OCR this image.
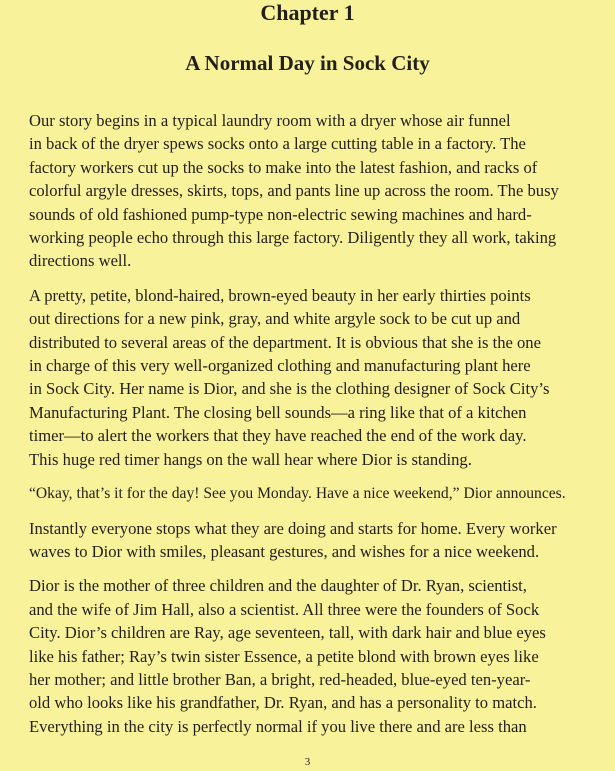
Chapter 1
A Normal Day in Sock City

Our story begins in a typical laundry room with a dryer whose air funnel
in back of the dryer spews socks onto a large cutting table in a factory. The
factory workers cut up the socks to make into the latest fashion, and racks of
colorful argyle dresses, skirts, tops, and pants line up across the room. The busy
sounds of old fashioned pump-type non-electric sewing machines and hard-
working people echo through this large factory. Diligently they all work, taking
directions well.

A pretty, petite, blond-haired, brown-eyed beauty in her early thirties points
out directions for a new pink, gray, and white argyle sock to be cut up and
distributed to several areas of the department. It is obvious that she is the one
in charge of this very well-organized clothing and manufacturing plant here
in Sock City. Her name is Dior, and she is the clothing designer of Sock City’s
Manufacturing Plant. The closing bell sounds—a ring like that of a kitchen
timer—to alert the workers that they have reached the end of the work day.
This huge red timer hangs on the wall hear where Dior is standing.

“Okay, that’s it for the day! See you Monday. Have a nice weekend,” Dior announces.

Instantly everyone stops what they are doing and starts for home. Every worker
waves to Dior with smiles, pleasant gestures, and wishes for a nice weekend.

Dior is the mother of three children and the daughter of Dr. Ryan, scientist,
and the wife of Jim Hall, also a scientist. All three were the founders of Sock
City. Dior’s children are Ray, age seventeen, tall, with dark hair and blue eyes
like his father; Ray’s twin sister Essence, a petite blond with brown eyes like
her mother; and little brother Ban, a bright, red-headed, blue-eyed ten-year-
old who looks like his grandfather, Dr. Ryan, and has a personality to match.
Everything in the city is perfectly normal if you live there and are less than

3
